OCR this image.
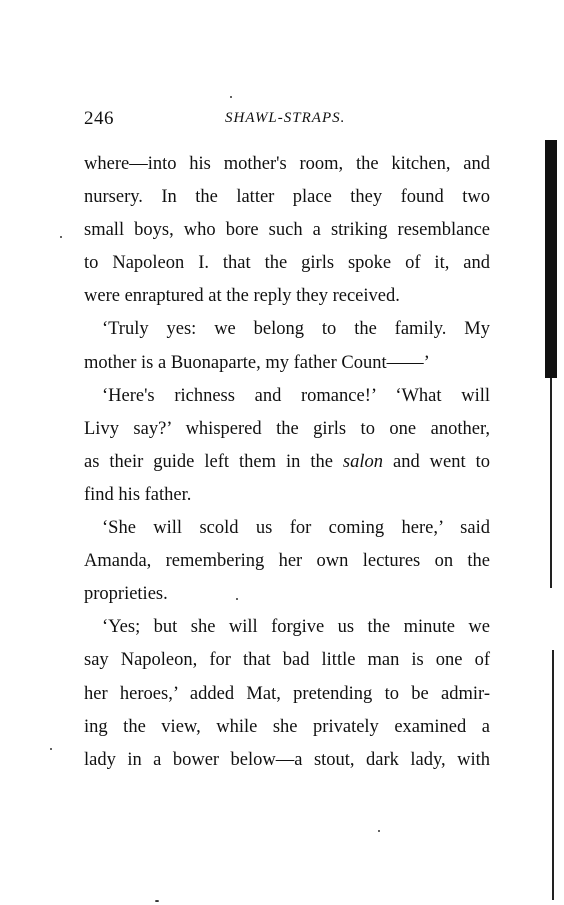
246	SHAWL-STRAPS.
where—into his mother's room, the kitchen, and
nursery. In the latter place they found two
small boys, who bore such a striking resemblance
to Napoleon I. that the girls spoke of it, and
were enraptured at the reply they received.
‘Truly yes: we belong to the family. My
mother is a Buonaparte, my father Count——’
‘Here's richness and romance!’ ‘What will
Livy say?’ whispered the girls to one another,
as their guide left them in the salon and went to
find his father.
‘She will scold us for coming here,’ said
Amanda, remembering her own lectures on the
proprieties.
‘Yes; but she will forgive us the minute we
say Napoleon, for that bad little man is one of
her heroes,’ added Mat, pretending to be admir-
ing the view, while she privately examined a
lady in a bower below—a stout, dark lady, with
